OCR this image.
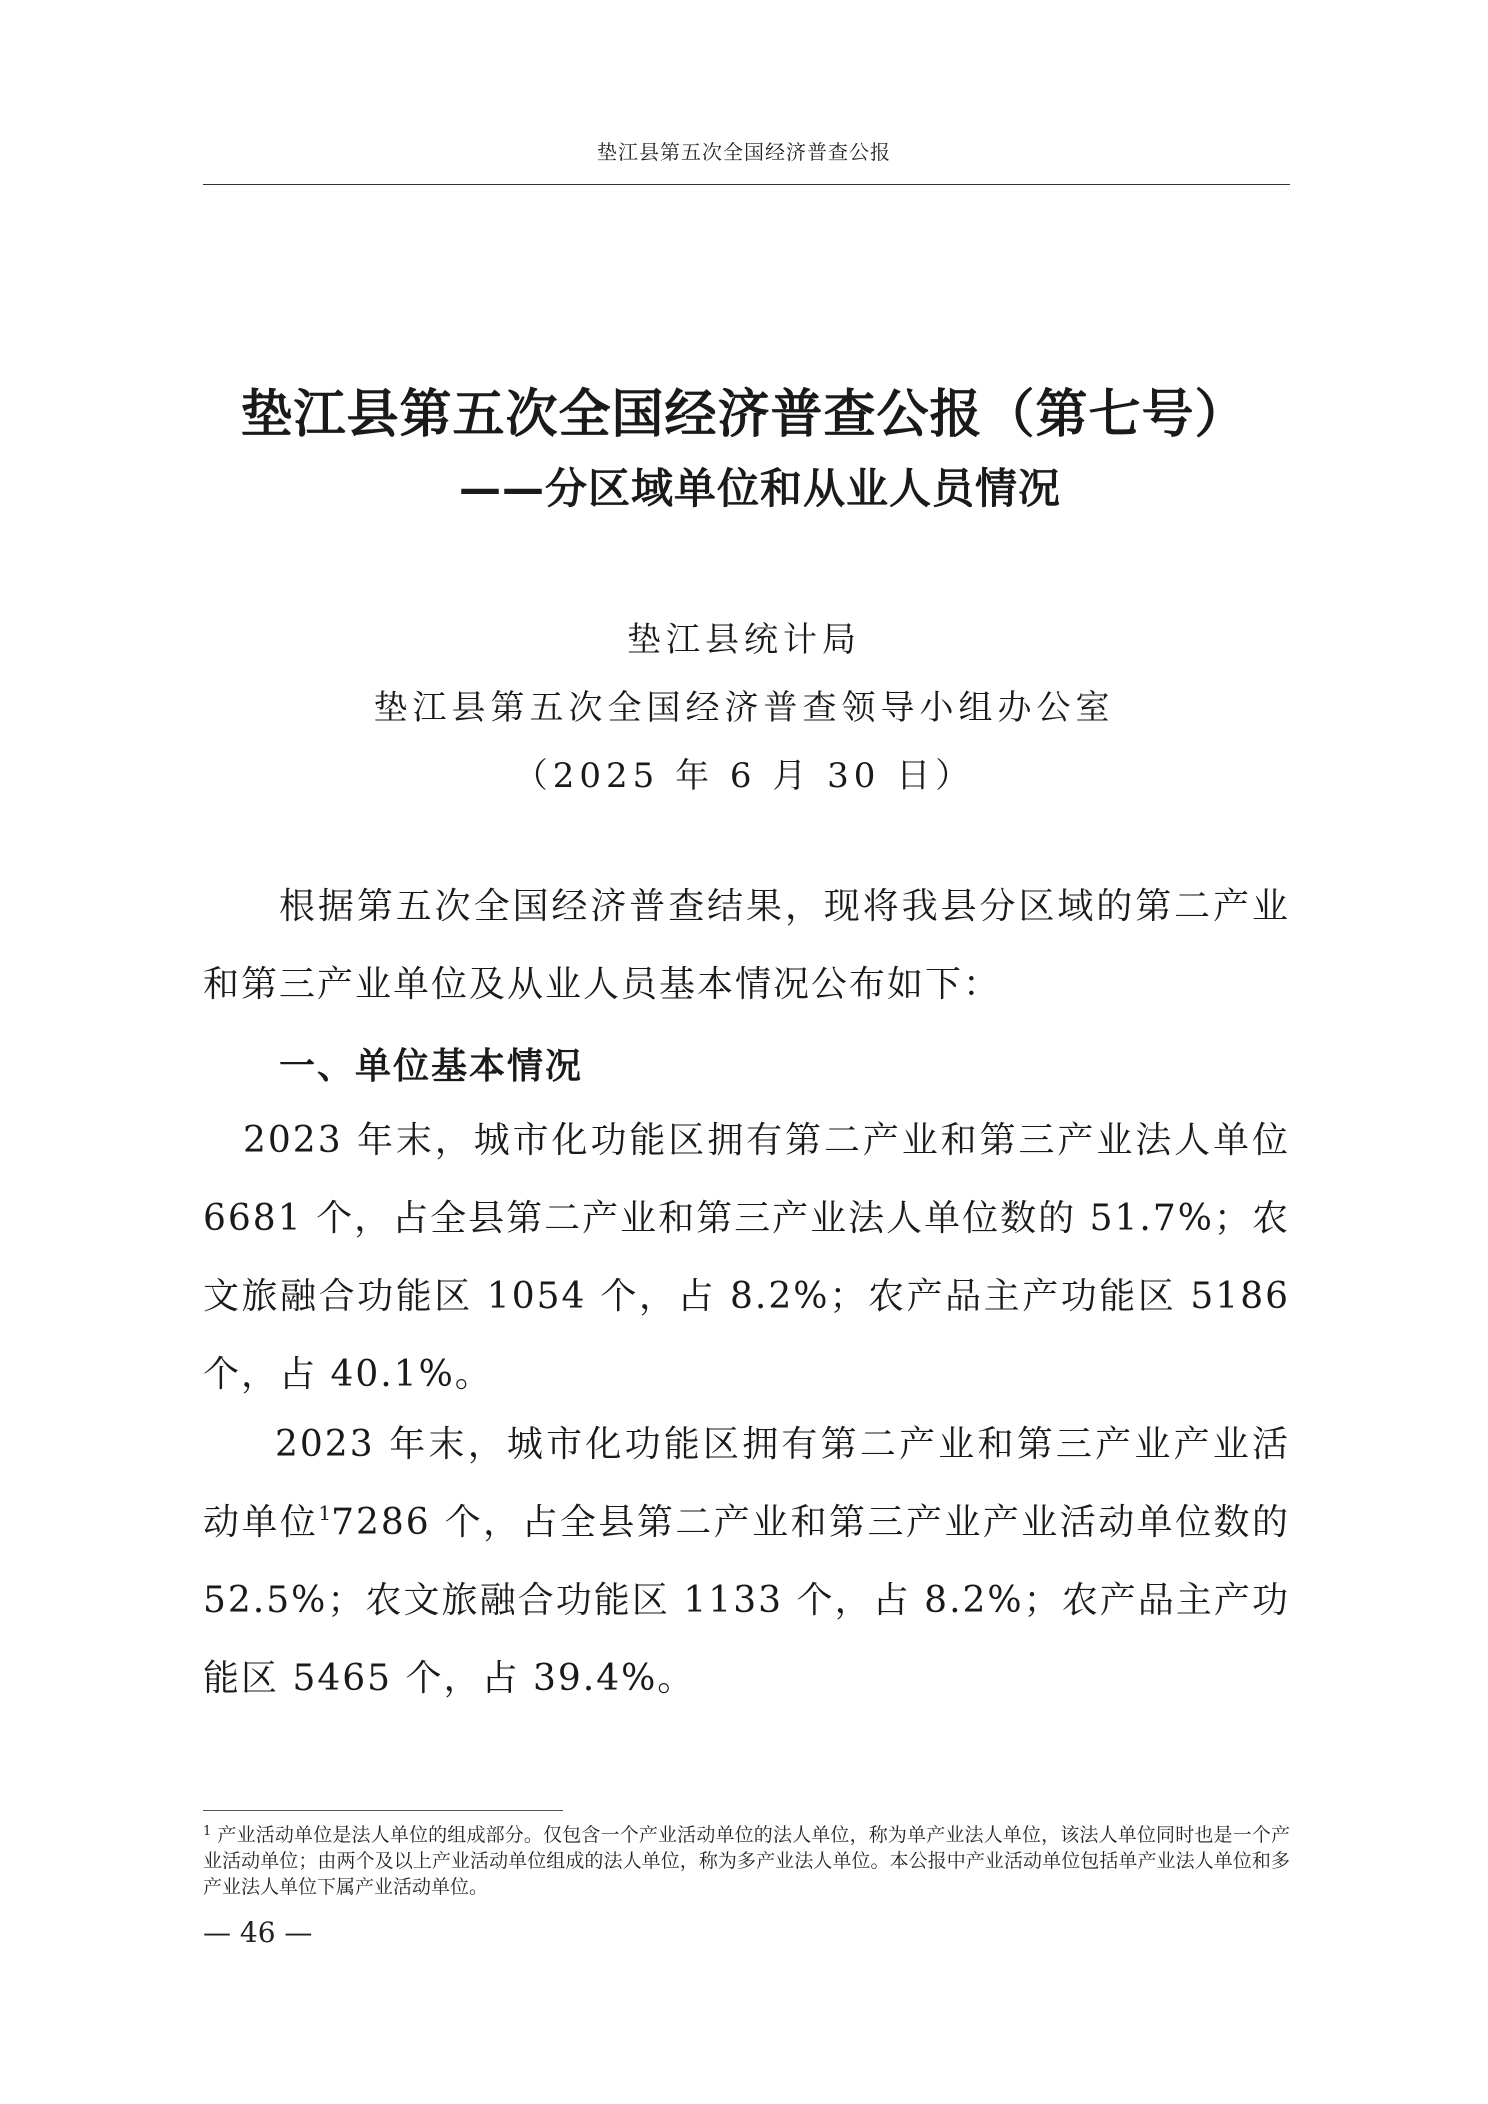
垫江县第五次全国经济普查公报
垫江县第五次全国经济普查公报（第七号）
——分区域单位和从业人员情况
垫江县统计局
垫江县第五次全国经济普查领导小组办公室
（2025 年 6 月 30 日）
根据第五次全国经济普查结果，现将我县分区域的第二产业和第三产业单位及从业人员基本情况公布如下：
一、单位基本情况
2023 年末，城市化功能区拥有第二产业和第三产业法人单位 6681 个，占全县第二产业和第三产业法人单位数的 51.7%；农文旅融合功能区 1054 个，占 8.2%；农产品主产功能区 5186 个，占 40.1%。
2023 年末，城市化功能区拥有第二产业和第三产业产业活动单位$^1$7286 个，占全县第二产业和第三产业产业活动单位数的 52.5%；农文旅融合功能区 1133 个，占 8.2%；农产品主产功能区 5465 个，占 39.4%。
$^1$ 产业活动单位是法人单位的组成部分。仅包含一个产业活动单位的法人单位，称为单产业法人单位，该法人单位同时也是一个产业活动单位；由两个及以上产业活动单位组成的法人单位，称为多产业法人单位。本公报中产业活动单位包括单产业法人单位和多产业法人单位下属产业活动单位。
— 46 —
